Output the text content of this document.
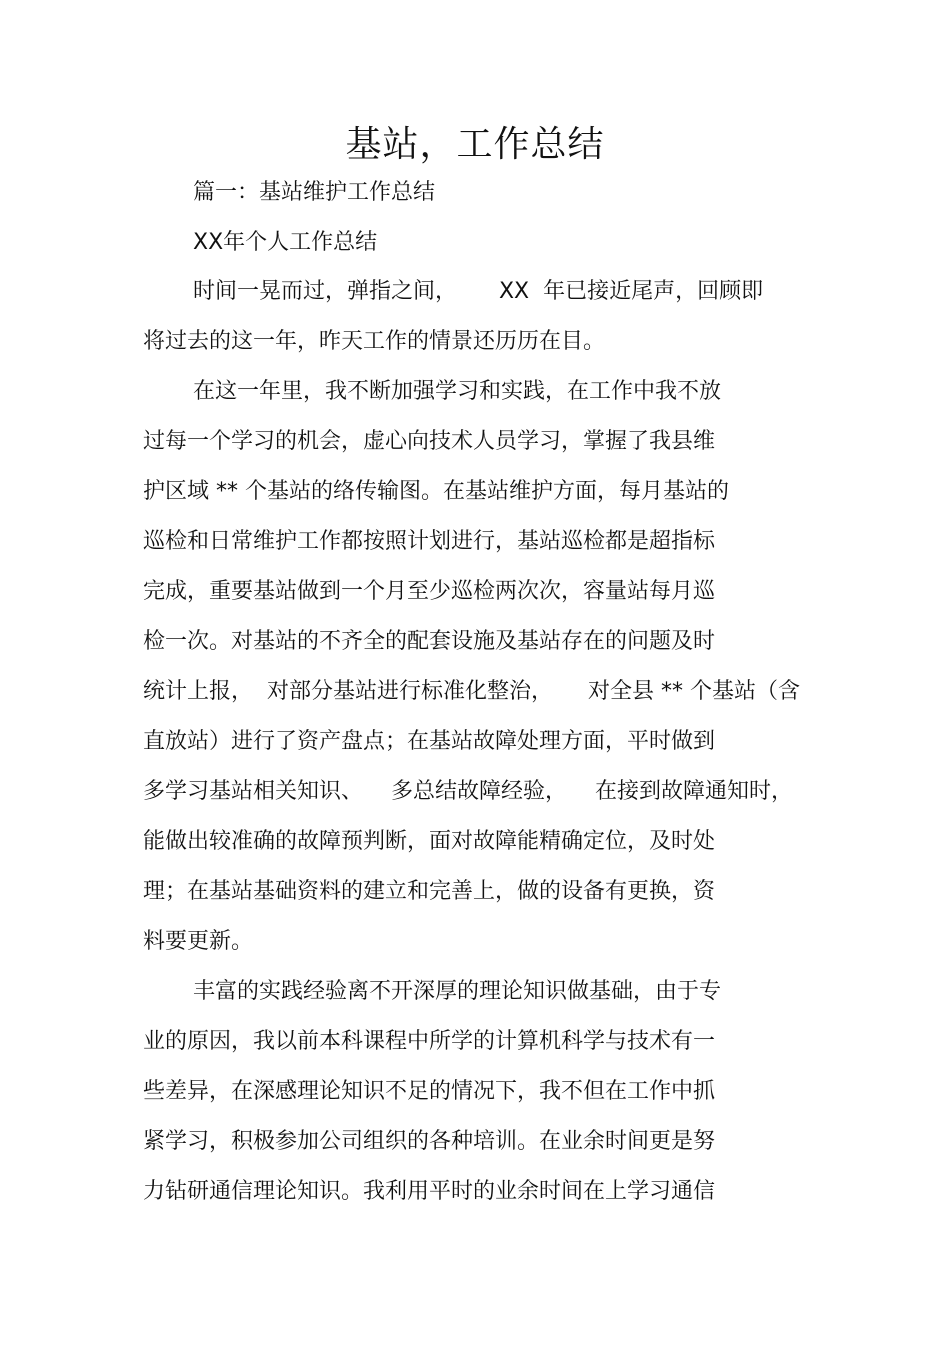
基站，工作总结
篇一：基站维护工作总结
XX年个人工作总结
时间一晃而过，弹指之间，      XX  年已接近尾声，回顾即
将过去的这一年，昨天工作的情景还历历在目。
在这一年里，我不断加强学习和实践，在工作中我不放
过每一个学习的机会，虚心向技术人员学习，掌握了我县维
护区域 ** 个基站的络传输图。在基站维护方面，每月基站的
巡检和日常维护工作都按照计划进行，基站巡检都是超指标
完成，重要基站做到一个月至少巡检两次次，容量站每月巡
检一次。对基站的不齐全的配套设施及基站存在的问题及时
统计上报，  对部分基站进行标准化整治，     对全县 ** 个基站（含
直放站）进行了资产盘点；在基站故障处理方面，平时做到
多学习基站相关知识、    多总结故障经验，    在接到故障通知时，
能做出较准确的故障预判断，面对故障能精确定位，及时处
理；在基站基础资料的建立和完善上，做的设备有更换，资
料要更新。
丰富的实践经验离不开深厚的理论知识做基础，由于专
业的原因，我以前本科课程中所学的计算机科学与技术有一
些差异，在深感理论知识不足的情况下，我不但在工作中抓
紧学习，积极参加公司组织的各种培训。在业余时间更是努
力钻研通信理论知识。我利用平时的业余时间在上学习通信
